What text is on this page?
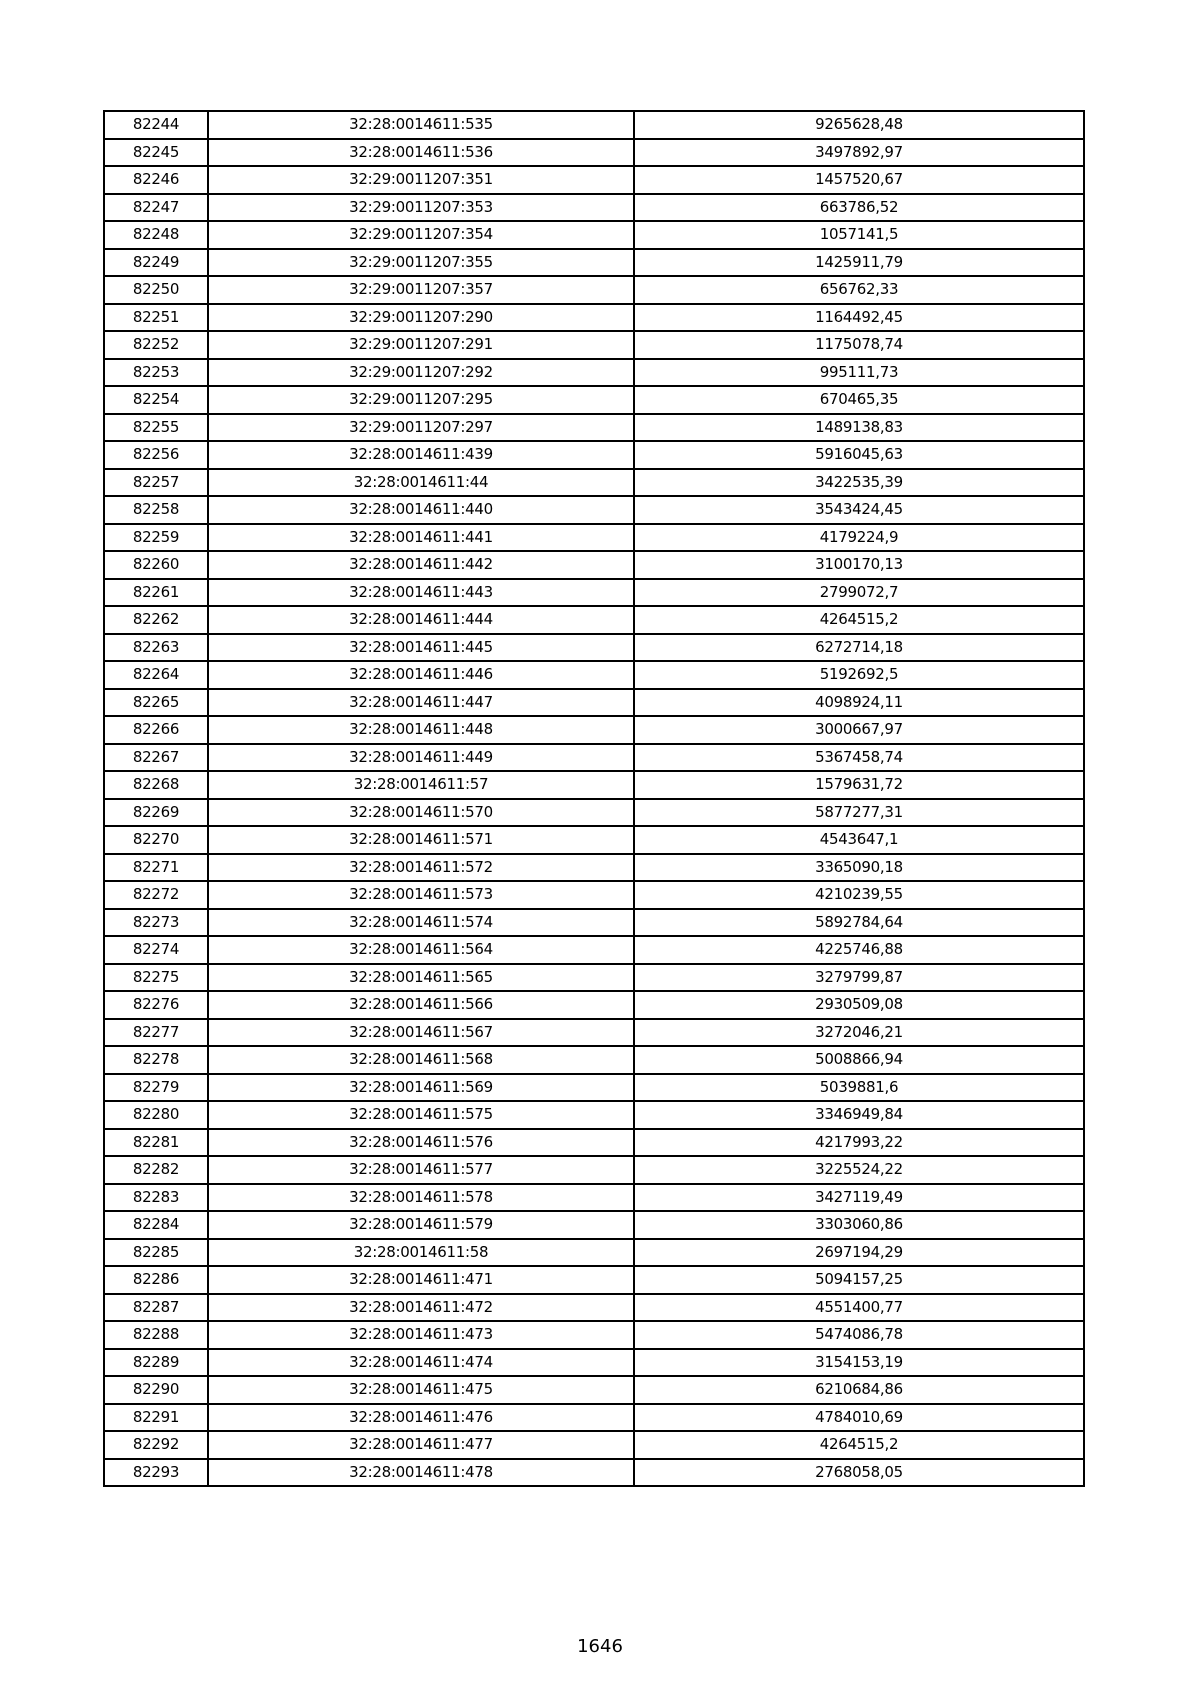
82244	32:28:0014611:535	9265628,48
82245	32:28:0014611:536	3497892,97
82246	32:29:0011207:351	1457520,67
82247	32:29:0011207:353	663786,52
82248	32:29:0011207:354	1057141,5
82249	32:29:0011207:355	1425911,79
82250	32:29:0011207:357	656762,33
82251	32:29:0011207:290	1164492,45
82252	32:29:0011207:291	1175078,74
82253	32:29:0011207:292	995111,73
82254	32:29:0011207:295	670465,35
82255	32:29:0011207:297	1489138,83
82256	32:28:0014611:439	5916045,63
82257	32:28:0014611:44	3422535,39
82258	32:28:0014611:440	3543424,45
82259	32:28:0014611:441	4179224,9
82260	32:28:0014611:442	3100170,13
82261	32:28:0014611:443	2799072,7
82262	32:28:0014611:444	4264515,2
82263	32:28:0014611:445	6272714,18
82264	32:28:0014611:446	5192692,5
82265	32:28:0014611:447	4098924,11
82266	32:28:0014611:448	3000667,97
82267	32:28:0014611:449	5367458,74
82268	32:28:0014611:57	1579631,72
82269	32:28:0014611:570	5877277,31
82270	32:28:0014611:571	4543647,1
82271	32:28:0014611:572	3365090,18
82272	32:28:0014611:573	4210239,55
82273	32:28:0014611:574	5892784,64
82274	32:28:0014611:564	4225746,88
82275	32:28:0014611:565	3279799,87
82276	32:28:0014611:566	2930509,08
82277	32:28:0014611:567	3272046,21
82278	32:28:0014611:568	5008866,94
82279	32:28:0014611:569	5039881,6
82280	32:28:0014611:575	3346949,84
82281	32:28:0014611:576	4217993,22
82282	32:28:0014611:577	3225524,22
82283	32:28:0014611:578	3427119,49
82284	32:28:0014611:579	3303060,86
82285	32:28:0014611:58	2697194,29
82286	32:28:0014611:471	5094157,25
82287	32:28:0014611:472	4551400,77
82288	32:28:0014611:473	5474086,78
82289	32:28:0014611:474	3154153,19
82290	32:28:0014611:475	6210684,86
82291	32:28:0014611:476	4784010,69
82292	32:28:0014611:477	4264515,2
82293	32:28:0014611:478	2768058,05
1646
